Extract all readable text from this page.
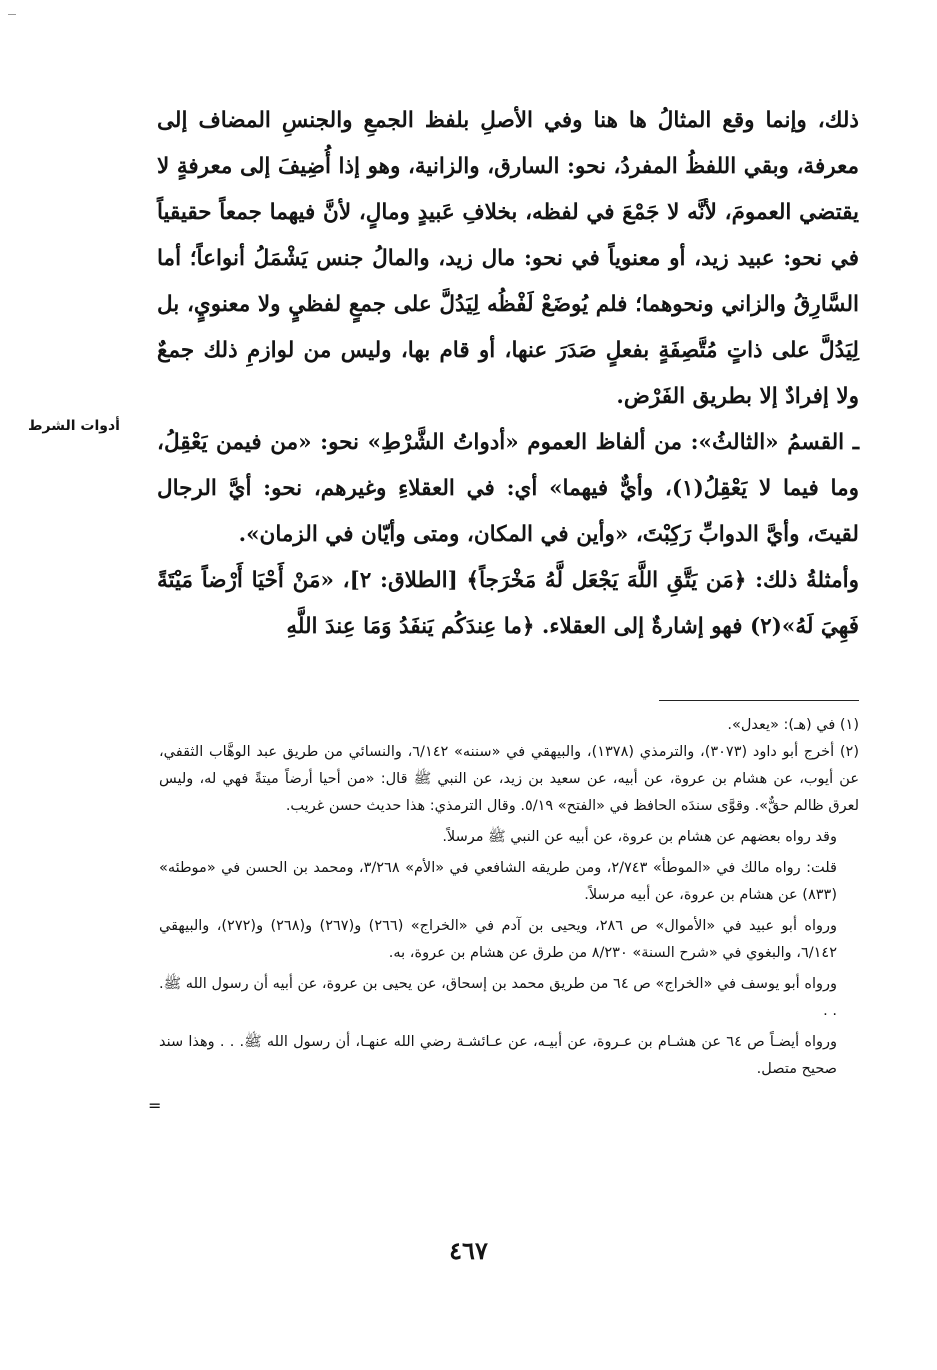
ذلك، وإنما وقع المثالُ ها هنا وفي الأصلِ بلفظ الجمعِ والجنسِ المضاف إلى معرفة، وبقي اللفظُ المفردُ، نحو: السارق، والزانية، وهو إذا أُضِيفَ إلى معرفةٍ لا يقتضي العمومَ، لأنَّه لا جَمْعَ في لفظه، بخلافِ عَبيدٍ ومالٍ، لأنَّ فيهما جمعاً حقيقياً في نحو: عبيد زيد، أو معنوياً في نحو: مال زيد، والمالُ جنس يَشْمَلُ أنواعاً؛ أما السَّارِقُ والزاني ونحوهما؛ فلم يُوضَعْ لَفْظُه لِيَدُلَّ على جمعٍ لفظيٍ ولا معنويٍ، بل لِيَدُلَّ على ذاتٍ مُتَّصِفَةٍ بفعلٍ صَدَرَ عنها، أو قام بها، وليس من لوازمِ ذلك جمعٌ ولا إفرادٌ إلا بطريق الفَرْض.

ـ القسمُ «الثالثُ»: من ألفاظ العموم «أدواتُ الشَّرْطِ» نحو: «من فيمن يَعْقِلُ، وما فيما لا يَعْقِلُ(١)، وأيٌّ فيهما» أي: في العقلاءِ وغيرهم، نحو: أيَّ الرجال لقيتَ، وأيَّ الدوابِّ رَكِبْتَ، «وأين في المكان، ومتى وأيّان في الزمان».

وأمثلةُ ذلك: ﴿مَن يَتَّقِ اللَّهَ يَجْعَل لَّهُ مَخْرَجاً﴾ [الطلاق: ٢]، «مَنْ أَحْيَا أَرْضاً مَيْتَةً فَهِيَ لَهُ»(٢) فهو إشارةٌ إلى العقلاء. ﴿ما عِندَكُم يَنفَدُ وَمَا عِندَ اللَّهِ

أدوات الشرط

(١) في (هـ): «يعدل».

(٢) أخرج أبو داود (٣٠٧٣)، والترمذي (١٣٧٨)، والبيهقي في «سننه» ٦/١٤٢، والنسائي من طريق عبد الوهَّاب الثقفي، عن أيوب، عن هشام بن عروة، عن أبيه، عن سعيد بن زيد، عن النبي ﷺ قال: «من أحيا أرضاً ميتةً فهي له، وليس لعرق ظالم حقٌّ». وقوَّى سندَه الحافظ في «الفتح» ٥/١٩. وقال الترمذي: هذا حديث حسن غريب.

وقد رواه بعضهم عن هشام بن عروة، عن أبيه عن النبي ﷺ مرسلاً.

قلت: رواه مالك في «الموطأ» ٢/٧٤٣، ومن طريقه الشافعي في «الأم» ٣/٢٦٨، ومحمد بن الحسن في «موطئه» (٨٣٣) عن هشام بن عروة، عن أبيه مرسلاً.

ورواه أبو عبيد في «الأموال» ص ٢٨٦، ويحيى بن آدم في «الخراج» (٢٦٦) و(٢٦٧) و(٢٦٨) و(٢٧٢)، والبيهقي ٦/١٤٢، والبغوي في «شرح السنة» ٨/٢٣٠ من طرق عن هشام بن عروة، به.

ورواه أبو يوسف في «الخراج» ص ٦٤ من طريق محمد بن إسحاق، عن يحيى بن عروة، عن أبيه أن رسول الله ﷺ. . .

ورواه أيضـاً ص ٦٤ عن هشـام بن عـروة، عن أبيـه، عن عـائشـة رضي الله عنهـا، أن رسول الله ﷺ. . . وهذا سند صحيح متصل.

=
٤٦٧
